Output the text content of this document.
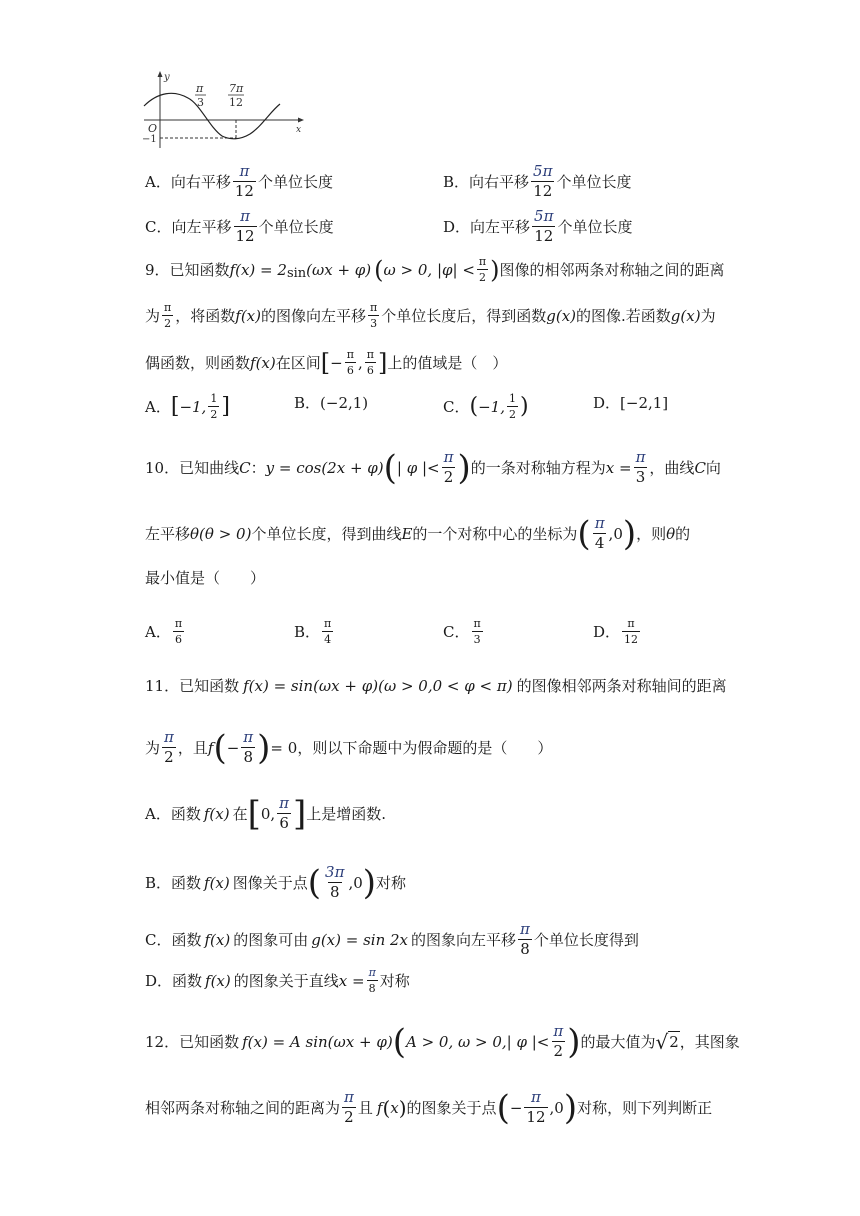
y
x
O
−1
π
3
7π
12
A． 向右平移 $\frac{\pi}{12}$ 个单位长度	B． 向右平移 $\frac{5\pi}{12}$ 个单位长度
C． 向左平移 $\frac{\pi}{12}$ 个单位长度	D． 向左平移 $\frac{5\pi}{12}$ 个单位长度
9． 已知函数 f(x) = 2 sin (ωx + φ) ( ω > 0, $|\varphi| < \frac{\pi}{2}$ ) 图像的相邻两条对称轴之间的距离
为 $\frac{\pi}{2}$ ，将函数 f(x) 的图像向左平移 $\frac{\pi}{3}$ 个单位长度后，得到函数 g(x) 的图像.若函数 g(x) 为
偶函数，则函数 f(x) 在区间 [ − $\frac{\pi}{6}$ , $\frac{\pi}{6}$ ] 上的值域是（　）
A． [ −1, $\frac{1}{2}$ ]	B． (−2,1)	C． ( −1, $\frac{1}{2}$ )	D． [−2,1]
10． 已知曲线 C ： y = cos(2x + φ) ( | φ |< $\frac{\pi}{2}$ ) 的一条对称轴方程为 $x = \frac{\pi}{3}$ ，曲线 C 向
左平移 θ(θ > 0) 个单位长度，得到曲线 E 的一个对称中心的坐标为 ( $\frac{\pi}{4} ,0$ ) ，则 θ 的
最小值是（　　）
A． $\frac{\pi}{6}$	B． $\frac{\pi}{4}$	C． $\frac{\pi}{3}$	D． $\frac{\pi}{12}$
11． 已知函数 f(x) = sin(ωx + φ)(ω > 0,0 < φ < π) 的图像相邻两条对称轴间的距离
为 $\frac{\pi}{2}$ ，且 f ( − $\frac{\pi}{8}$ ) = 0 ，则以下命题中为假命题的是（　　）
A．函数 f(x) 在 [ 0, $\frac{\pi}{6}$ ] 上是增函数.
B．函数 f(x) 图像关于点 ( $\frac{3\pi}{8} ,0$ ) 对称
C．函数 f(x) 的图象可由 g(x) = sin 2x 的图象向左平移 $\frac{\pi}{8}$ 个单位长度得到
D．函数 f(x) 的图象关于直线 $x = \frac{\pi}{8}$ 对称
12． 已知函数 f(x) = A sin(ωx + φ) ( A > 0, ω > 0,| φ |< $\frac{\pi}{2}$ ) 的最大值为 √ 2 ，其图象
相邻两条对称轴之间的距离为 $\frac{\pi}{2}$ 且 f ( x ) 的图象关于点 ( − $\frac{\pi}{12} ,0$ ) 对称，则下列判断正
